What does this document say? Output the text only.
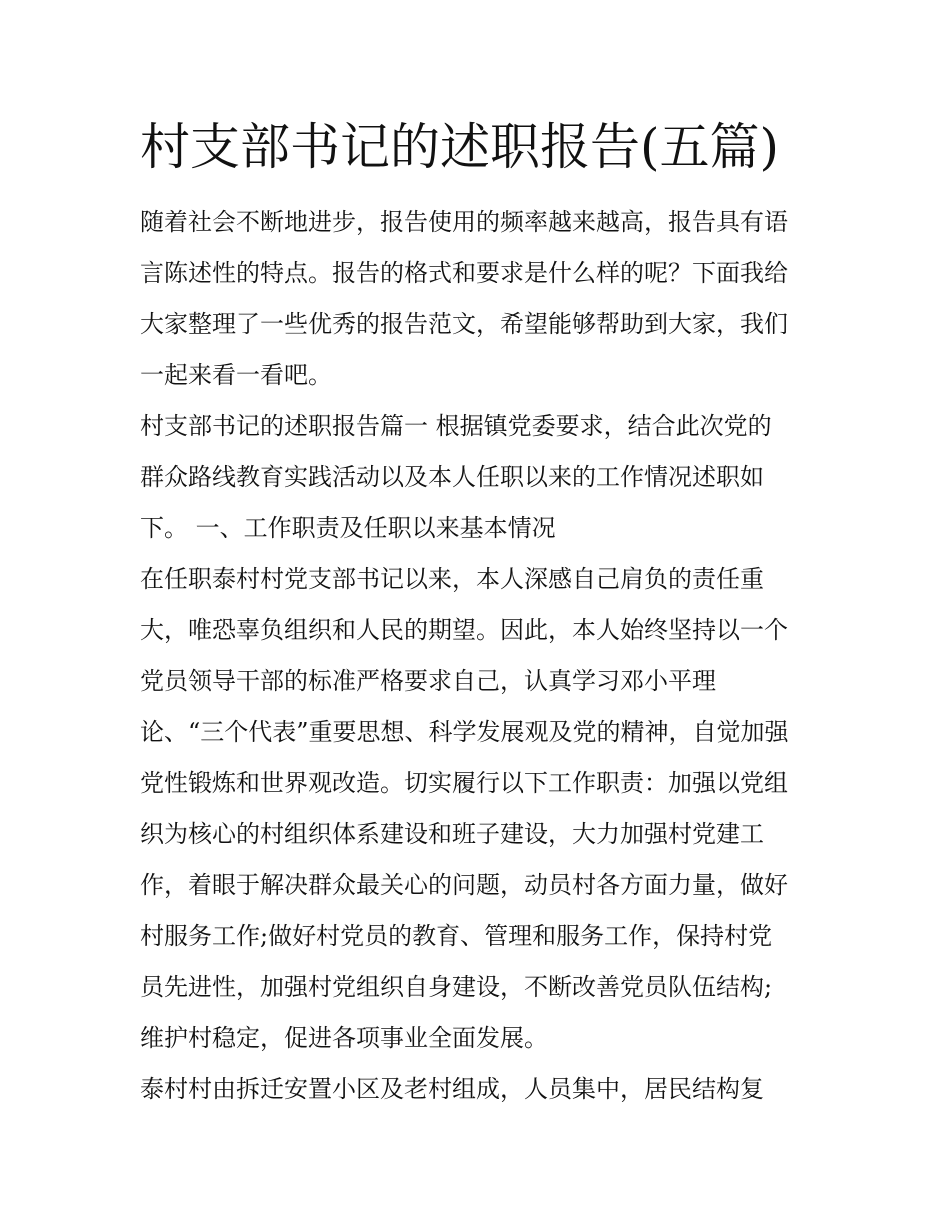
村支部书记的述职报告(五篇)
随着社会不断地进步，报告使用的频率越来越高，报告具有语
言陈述性的特点。报告的格式和要求是什么样的呢？下面我给
大家整理了一些优秀的报告范文，希望能够帮助到大家，我们
一起来看一看吧。
村支部书记的述职报告篇一 根据镇党委要求，结合此次党的
群众路线教育实践活动以及本人任职以来的工作情况述职如
下。 一、工作职责及任职以来基本情况
在任职泰村村党支部书记以来，本人深感自己肩负的责任重
大，唯恐辜负组织和人民的期望。因此，本人始终坚持以一个
党员领导干部的标准严格要求自己，认真学习邓小平理
论、“三个代表”重要思想、科学发展观及党的精神，自觉加强
党性锻炼和世界观改造。切实履行以下工作职责：加强以党组
织为核心的村组织体系建设和班子建设，大力加强村党建工
作，着眼于解决群众最关心的问题，动员村各方面力量，做好
村服务工作;做好村党员的教育、管理和服务工作，保持村党
员先进性，加强村党组织自身建设，不断改善党员队伍结构;
维护村稳定，促进各项事业全面发展。
泰村村由拆迁安置小区及老村组成，人员集中，居民结构复
